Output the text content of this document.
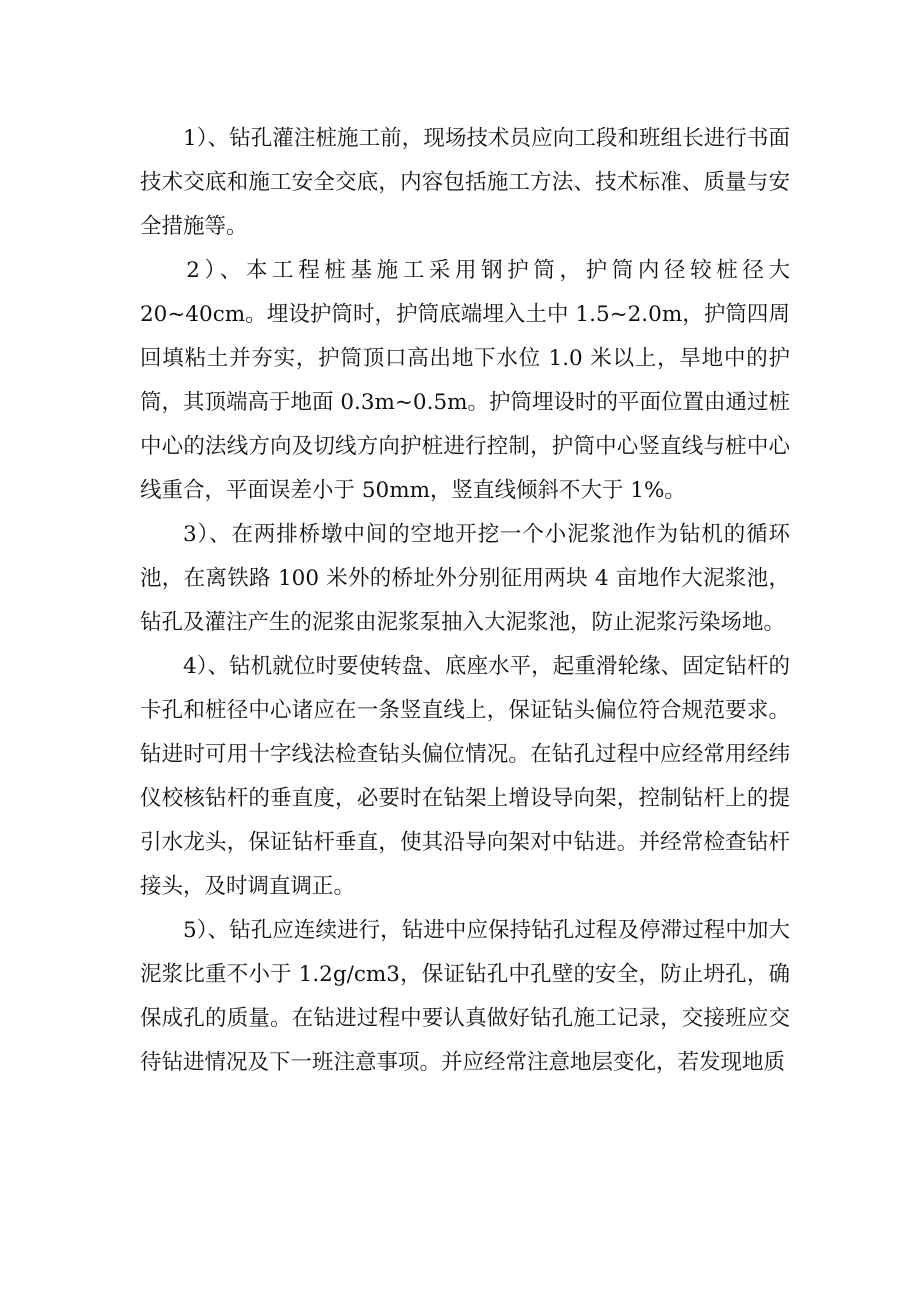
1）、钻孔灌注桩施工前，现场技术员应向工段和班组长进行书面技术交底和施工安全交底，内容包括施工方法、技术标准、质量与安全措施等。

2）、本工程桩基施工采用钢护筒，护筒内径较桩径大 20~40cm。埋设护筒时，护筒底端埋入土中 1.5~2.0m，护筒四周回填粘土并夯实，护筒顶口高出地下水位 1.0 米以上，旱地中的护筒，其顶端高于地面 0.3m~0.5m。护筒埋设时的平面位置由通过桩中心的法线方向及切线方向护桩进行控制，护筒中心竖直线与桩中心线重合，平面误差小于 50mm，竖直线倾斜不大于 1%。

3）、在两排桥墩中间的空地开挖一个小泥浆池作为钻机的循环池，在离铁路 100 米外的桥址外分别征用两块 4 亩地作大泥浆池，钻孔及灌注产生的泥浆由泥浆泵抽入大泥浆池，防止泥浆污染场地。

4）、钻机就位时要使转盘、底座水平，起重滑轮缘、固定钻杆的卡孔和桩径中心诸应在一条竖直线上，保证钻头偏位符合规范要求。钻进时可用十字线法检查钻头偏位情况。在钻孔过程中应经常用经纬仪校核钻杆的垂直度，必要时在钻架上增设导向架，控制钻杆上的提引水龙头，保证钻杆垂直，使其沿导向架对中钻进。并经常检查钻杆接头，及时调直调正。

5）、钻孔应连续进行，钻进中应保持钻孔过程及停滞过程中加大泥浆比重不小于 1.2g/cm3，保证钻孔中孔壁的安全，防止坍孔，确保成孔的质量。在钻进过程中要认真做好钻孔施工记录，交接班应交待钻进情况及下一班注意事项。并应经常注意地层变化，若发现地质
